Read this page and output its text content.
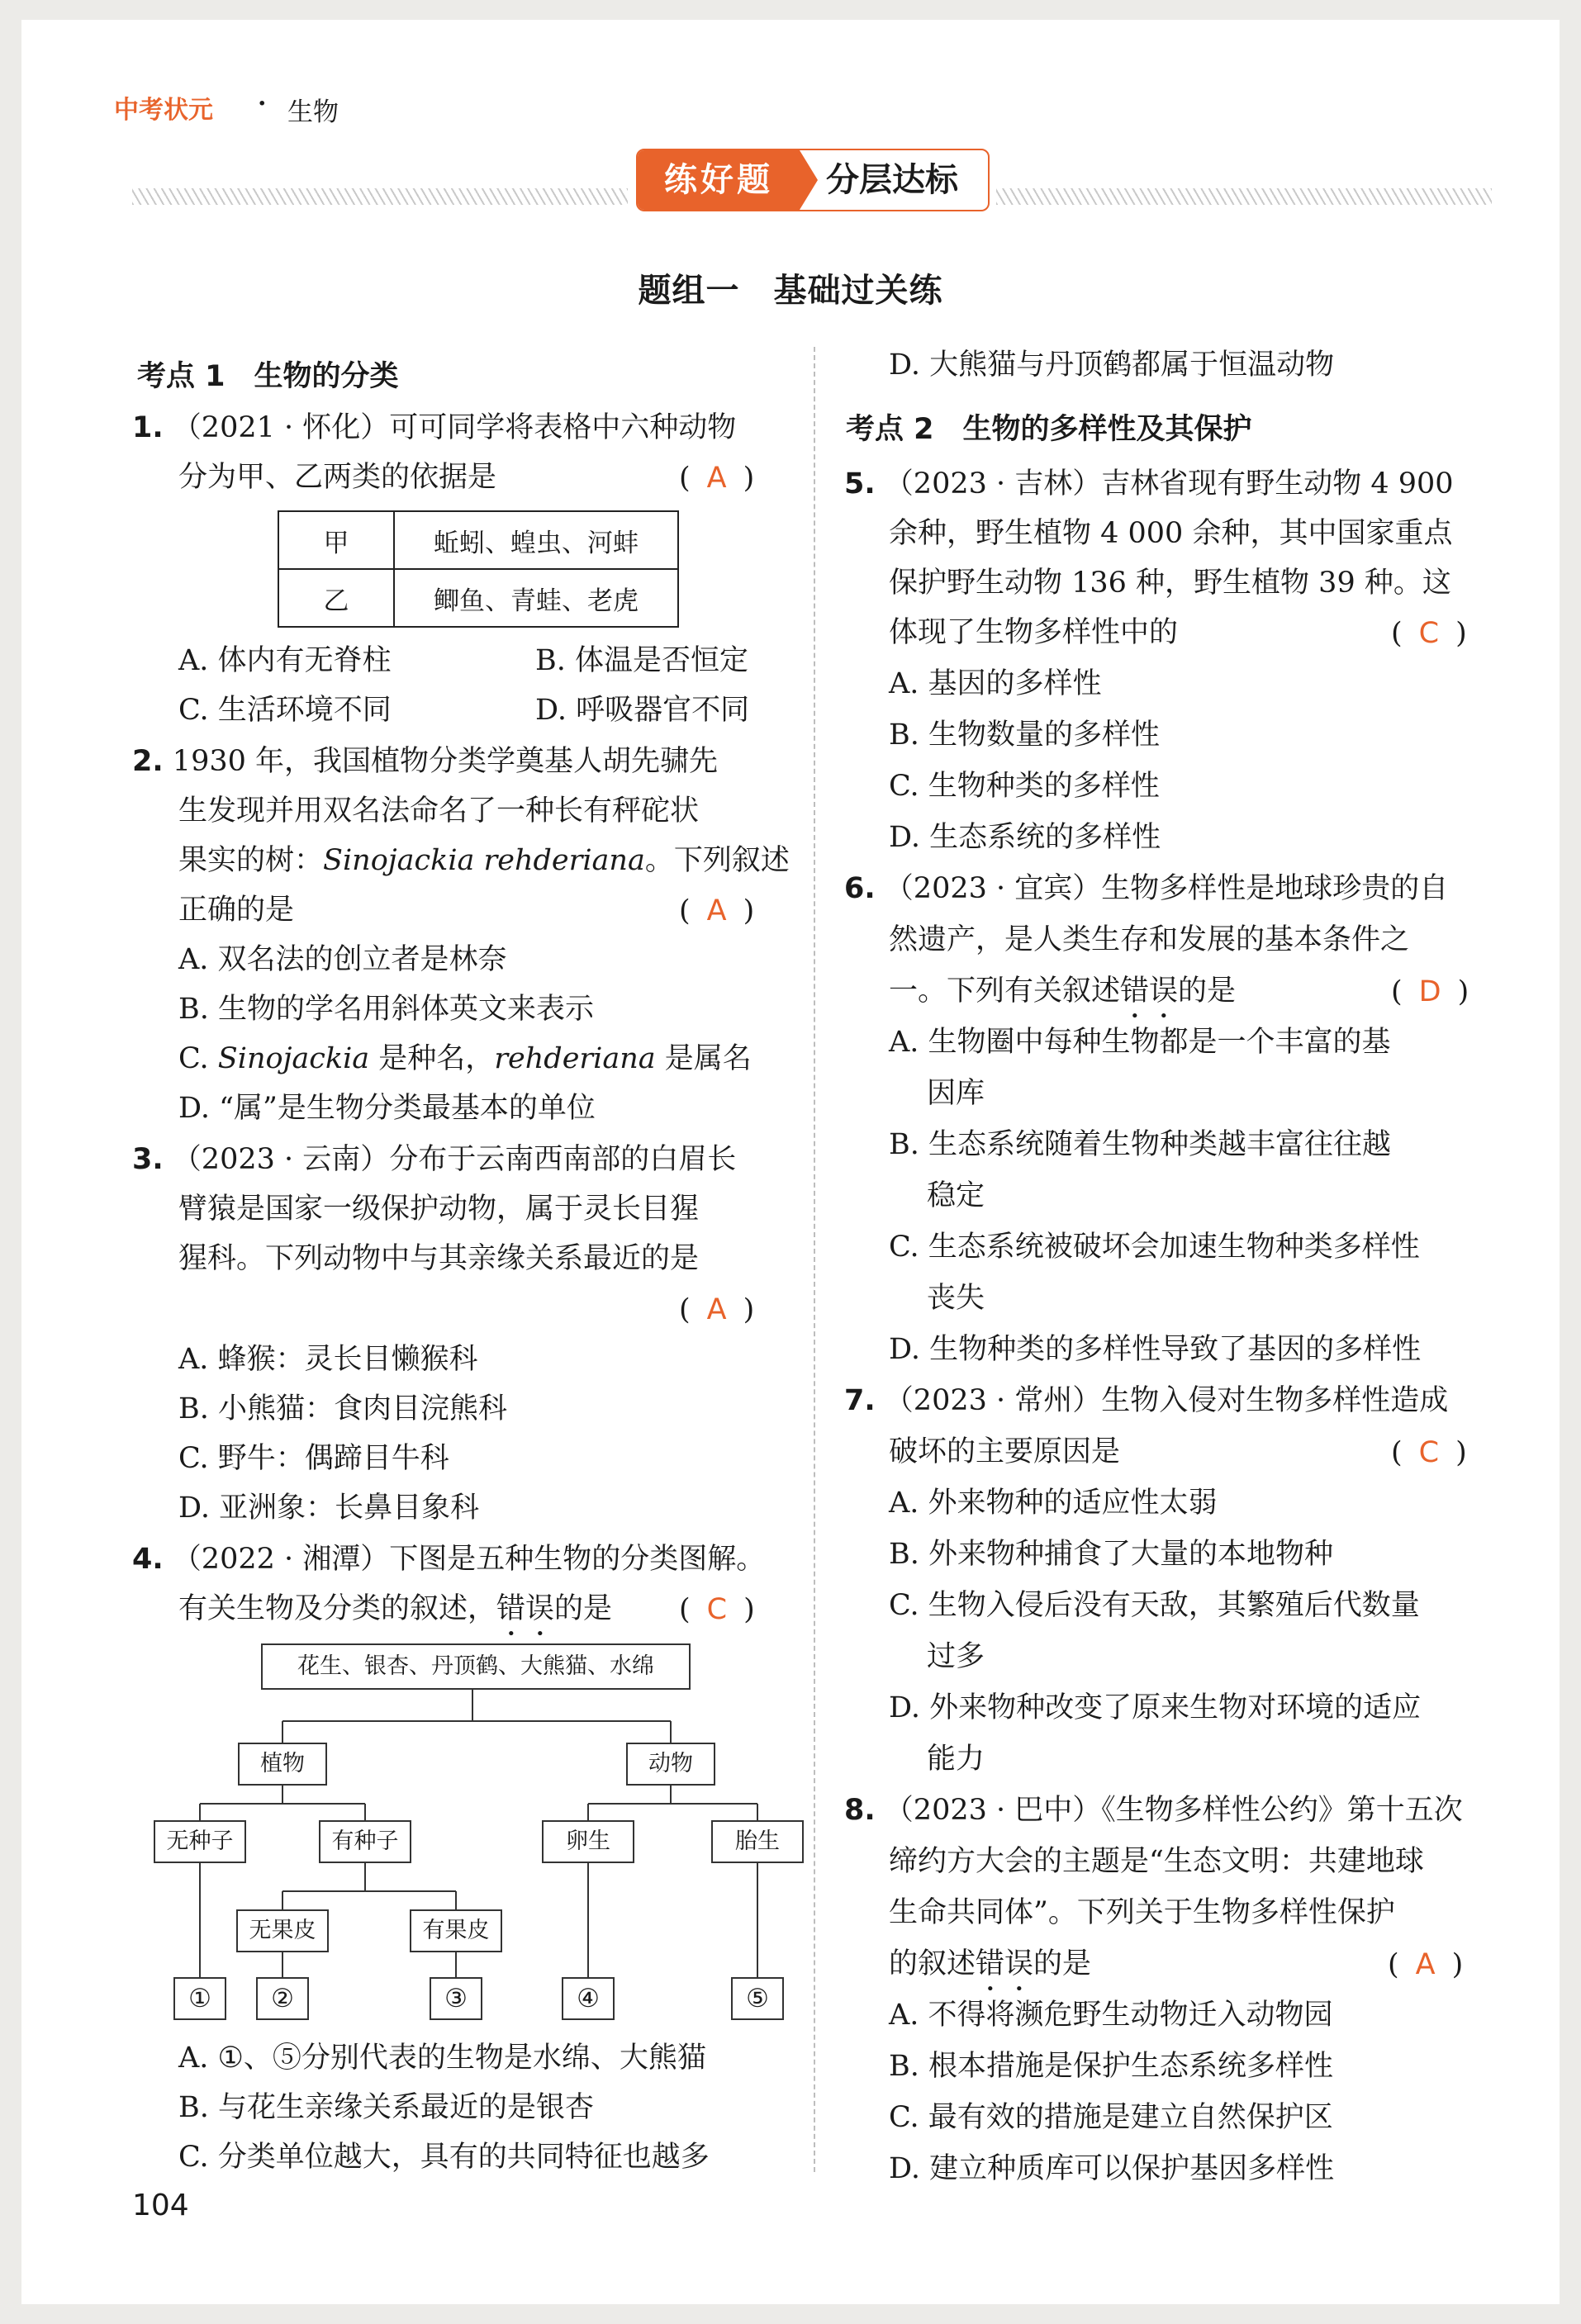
中考状元 · 生物
练好题	分层达标
题组一　基础过关练
考点 1　生物的分类
1. （2021 · 怀化）可可同学将表格中六种动物
分为甲、乙两类的依据是	( A )
甲	蚯蚓、蝗虫、河蚌
乙	鲫鱼、青蛙、老虎
A. 体内有无脊柱	B. 体温是否恒定
C. 生活环境不同	D. 呼吸器官不同
2. 1930 年，我国植物分类学奠基人胡先骕先
生发现并用双名法命名了一种长有秤砣状
果实的树：Sinojackia rehderiana。下列叙述
正确的是	( A )
A. 双名法的创立者是林奈
B. 生物的学名用斜体英文来表示
C. Sinojackia 是种名，rehderiana 是属名
D. “属”是生物分类最基本的单位
3. （2023 · 云南）分布于云南西南部的白眉长
臂猿是国家一级保护动物，属于灵长目猩
猩科。下列动物中与其亲缘关系最近的是
( A )
A. 蜂猴：灵长目懒猴科
B. 小熊猫：食肉目浣熊科
C. 野牛：偶蹄目牛科
D. 亚洲象：长鼻目象科
4. （2022 · 湘潭）下图是五种生物的分类图解。
有关生物及分类的叙述，错误的是 ( C )
花生、银杏、丹顶鹤、大熊猫、水绵
植物	动物
无种子	有种子	卵生	胎生
无果皮	有果皮
①	②	③	④	⑤
A. ①、⑤分别代表的生物是水绵、大熊猫
B. 与花生亲缘关系最近的是银杏
C. 分类单位越大，具有的共同特征也越多
D. 大熊猫与丹顶鹤都属于恒温动物
考点 2　生物的多样性及其保护
5. （2023 · 吉林）吉林省现有野生动物 4 900
余种，野生植物 4 000 余种，其中国家重点
保护野生动物 136 种，野生植物 39 种。这
体现了生物多样性中的	( C )
A. 基因的多样性
B. 生物数量的多样性
C. 生物种类的多样性
D. 生态系统的多样性
6. （2023 · 宜宾）生物多样性是地球珍贵的自
然遗产，是人类生存和发展的基本条件之
一。下列有关叙述错误的是	( D )
A. 生物圈中每种生物都是一个丰富的基
因库
B. 生态系统随着生物种类越丰富往往越
稳定
C. 生态系统被破坏会加速生物种类多样性
丧失
D. 生物种类的多样性导致了基因的多样性
7. （2023 · 常州）生物入侵对生物多样性造成
破坏的主要原因是	( C )
A. 外来物种的适应性太弱
B. 外来物种捕食了大量的本地物种
C. 生物入侵后没有天敌，其繁殖后代数量
过多
D. 外来物种改变了原来生物对环境的适应
能力
8. （2023 · 巴中）《生物多样性公约》第十五次
缔约方大会的主题是“生态文明：共建地球
生命共同体”。下列关于生物多样性保护
的叙述错误的是	( A )
A. 不得将濒危野生动物迁入动物园
B. 根本措施是保护生态系统多样性
C. 最有效的措施是建立自然保护区
D. 建立种质库可以保护基因多样性
104
